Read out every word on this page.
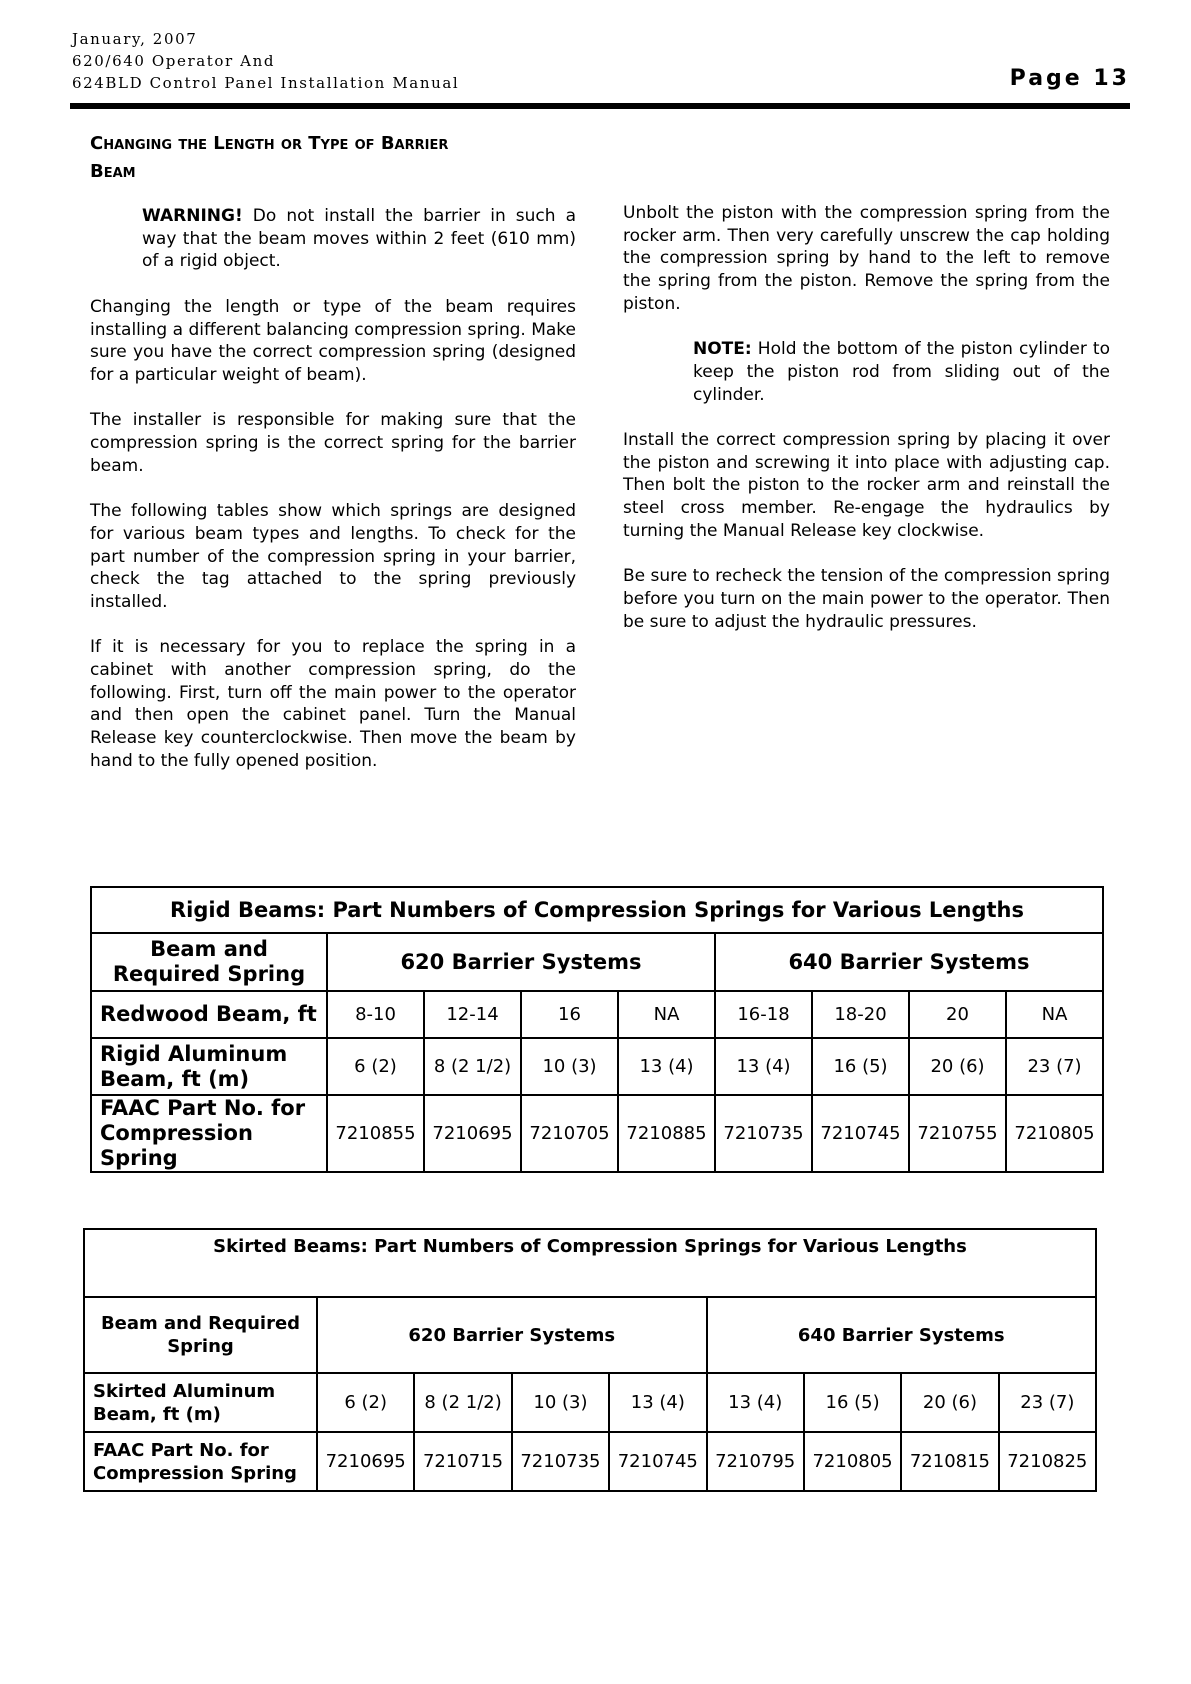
January, 2007
620/640 Operator And
624BLD Control Panel Installation Manual	Page 13
Changing the Length or Type of Barrier
Beam

WARNING! Do not install the barrier in such a way that the beam moves within 2 feet (610 mm) of a rigid object.

Changing the length or type of the beam requires installing a different balancing compression spring. Make sure you have the correct compression spring (designed for a particular weight of beam).

The installer is responsible for making sure that the compression spring is the correct spring for the barrier beam.

The following tables show which springs are designed for various beam types and lengths. To check for the part number of the compression spring in your barrier, check the tag attached to the spring previously installed.

If it is necessary for you to replace the spring in a cabinet with another compression spring, do the following. First, turn off the main power to the operator and then open the cabinet panel. Turn the Manual Release key counterclockwise. Then move the beam by hand to the fully opened position.

Unbolt the piston with the compression spring from the rocker arm. Then very carefully unscrew the cap holding the compression spring by hand to the left to remove the spring from the piston. Remove the spring from the piston.

NOTE: Hold the bottom of the piston cylinder to keep the piston rod from sliding out of the cylinder.

Install the correct compression spring by placing it over the piston and screwing it into place with adjusting cap. Then bolt the piston to the rocker arm and reinstall the steel cross member. Re-engage the hydraulics by turning the Manual Release key clockwise.

Be sure to recheck the tension of the compression spring before you turn on the main power to the operator. Then be sure to adjust the hydraulic pressures.

Rigid Beams: Part Numbers of Compression Springs for Various Lengths								
Beam and Required Spring	620 Barrier Systems				640 Barrier Systems			
Redwood Beam, ft	8-10	12-14	16	NA	16-18	18-20	20	NA
Rigid Aluminum Beam, ft (m)	6 (2)	8 (2 1/2)	10 (3)	13 (4)	13 (4)	16 (5)	20 (6)	23 (7)
FAAC Part No. for Compression Spring	7210855	7210695	7210705	7210885	7210735	7210745	7210755	7210805
Skirted Beams: Part Numbers of Compression Springs for Various Lengths								
Beam and Required Spring	620 Barrier Systems				640 Barrier Systems			
Skirted Aluminum Beam, ft (m)	6 (2)	8 (2 1/2)	10 (3)	13 (4)	13 (4)	16 (5)	20 (6)	23 (7)
FAAC Part No. for Compression Spring	7210695	7210715	7210735	7210745	7210795	7210805	7210815	7210825
